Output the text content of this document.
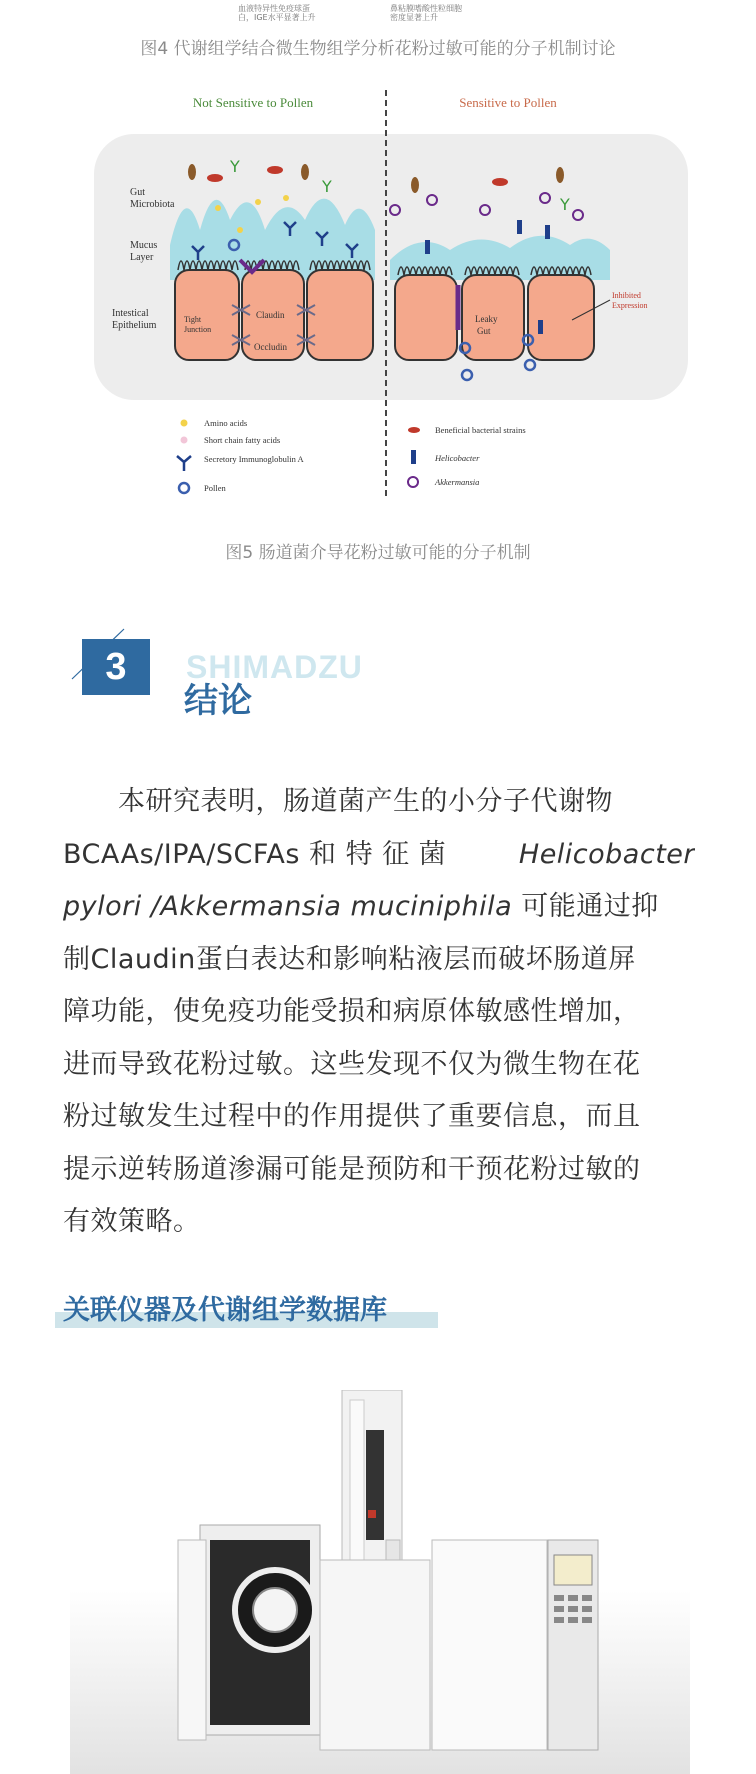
血液特异性免疫球蛋
白，IGE水平显著上升
鼻粘膜嗜酸性粒细胞
密度显著上升
图4 代谢组学结合微生物组学分析花粉过敏可能的分子机制讨论
Not Sensitive to Pollen	Sensitive to Pollen
Gut
Microbiota
Mucus
Layer
Intestical
Epithelium
Tight
Junction
Claudin
Occludin
Y
Y
Leaky
Gut
Inhibited
Expression
Y
Amino acids
Short chain fatty acids
Secretory Immunoglobulin A
Pollen
Beneficial bacterial strains
Helicobacter
Akkermansia
图5 肠道菌介导花粉过敏可能的分子机制
3	SHIMADZU
结论
　　本研究表明，肠道菌产生的小分子代谢物
BCAAs/IPA/SCFAs 和 特 征 菌	Helicobacter
pylori /Akkermansia muciniphila 可能通过抑
制Claudin蛋白表达和影响粘液层而破坏肠道屏
障功能，使免疫功能受损和病原体敏感性增加，
进而导致花粉过敏。这些发现不仅为微生物在花
粉过敏发生过程中的作用提供了重要信息，而且
提示逆转肠道渗漏可能是预防和干预花粉过敏的
有效策略。
关联仪器及代谢组学数据库
